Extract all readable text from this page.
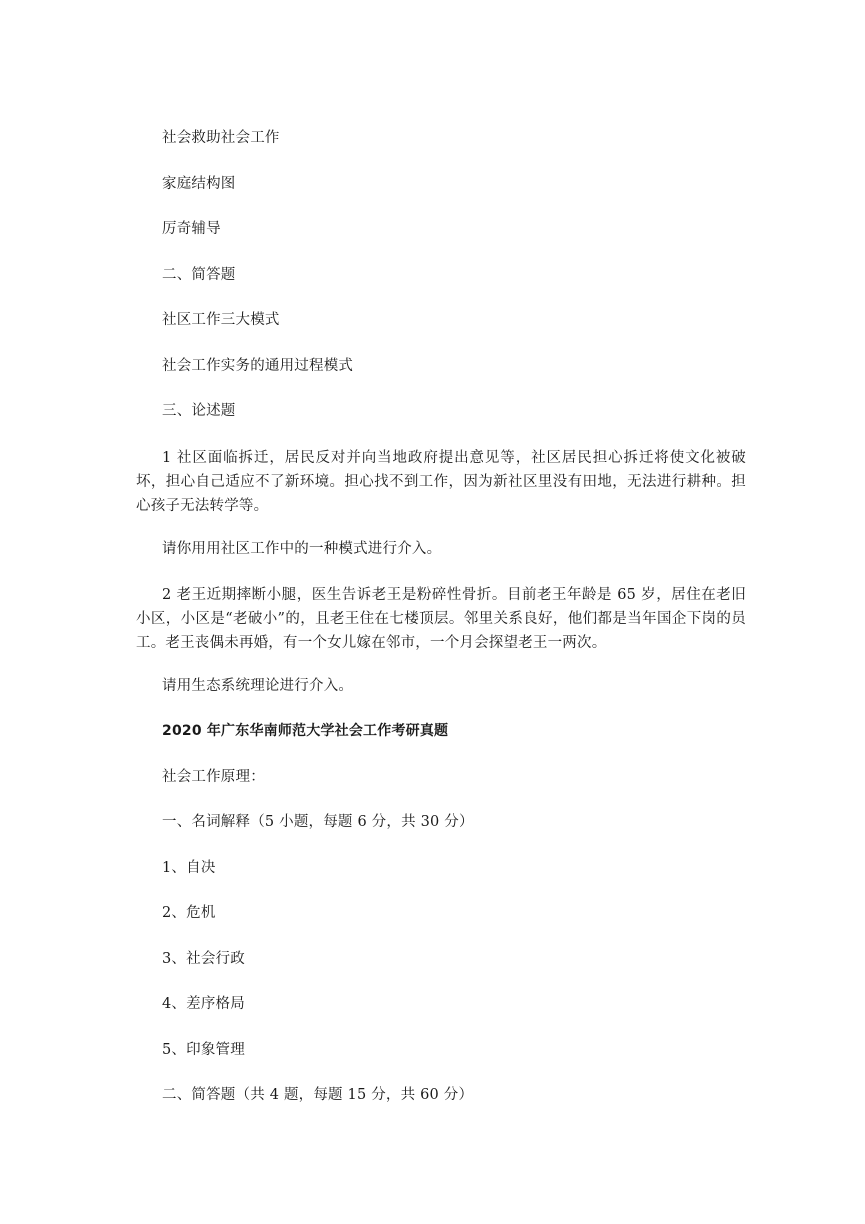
社会救助社会工作

家庭结构图

厉奇辅导

二、简答题

社区工作三大模式

社会工作实务的通用过程模式

三、论述题

1 社区面临拆迁，居民反对并向当地政府提出意见等，社区居民担心拆迁将使文化被破坏，担心自己适应不了新环境。担心找不到工作，因为新社区里没有田地，无法进行耕种。担心孩子无法转学等。

请你用用社区工作中的一种模式进行介入。

2 老王近期摔断小腿，医生告诉老王是粉碎性骨折。目前老王年龄是 65 岁，居住在老旧小区，小区是“老破小”的，且老王住在七楼顶层。邻里关系良好，他们都是当年国企下岗的员工。老王丧偶未再婚，有一个女儿嫁在邻市，一个月会探望老王一两次。

请用生态系统理论进行介入。

2020 年广东华南师范大学社会工作考研真题

社会工作原理：

一、名词解释（5 小题，每题 6 分，共 30 分）

1、自决

2、危机

3、社会行政

4、差序格局

5、印象管理

二、简答题（共 4 题，每题 15 分，共 60 分）
